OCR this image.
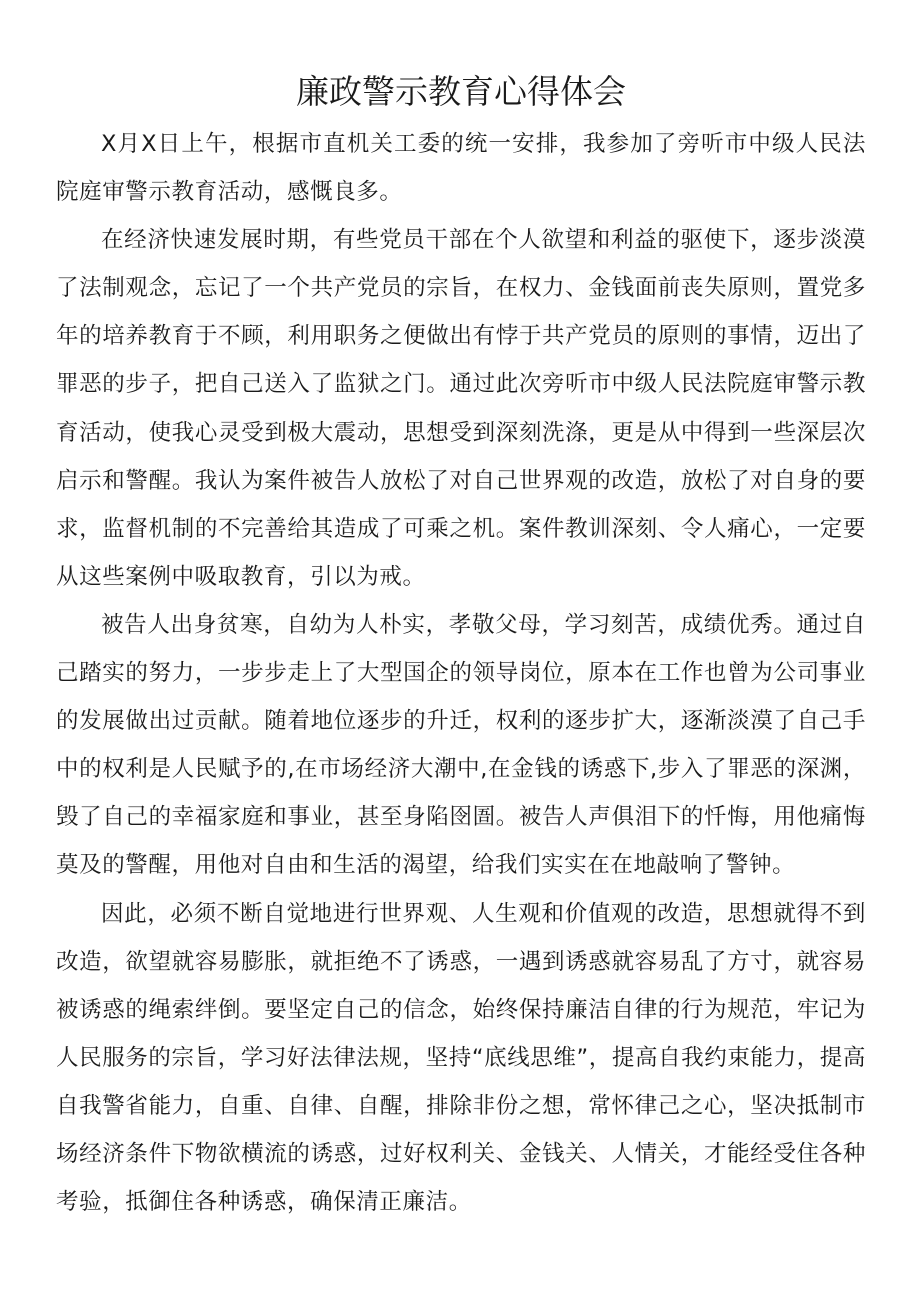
廉政警示教育心得体会

X月X日上午，根据市直机关工委的统一安排，我参加了旁听市中级人民法院庭审警示教育活动，感慨良多。

在经济快速发展时期，有些党员干部在个人欲望和利益的驱使下，逐步淡漠了法制观念，忘记了一个共产党员的宗旨，在权力、金钱面前丧失原则，置党多年的培养教育于不顾，利用职务之便做出有悖于共产党员的原则的事情，迈出了罪恶的步子，把自己送入了监狱之门。通过此次旁听市中级人民法院庭审警示教育活动，使我心灵受到极大震动，思想受到深刻洗涤，更是从中得到一些深层次启示和警醒。我认为案件被告人放松了对自己世界观的改造，放松了对自身的要求，监督机制的不完善给其造成了可乘之机。案件教训深刻、令人痛心，一定要从这些案例中吸取教育，引以为戒。

被告人出身贫寒，自幼为人朴实，孝敬父母，学习刻苦，成绩优秀。通过自己踏实的努力，一步步走上了大型国企的领导岗位，原本在工作也曾为公司事业的发展做出过贡献。随着地位逐步的升迁，权利的逐步扩大，逐渐淡漠了自己手中的权利是人民赋予的,在市场经济大潮中,在金钱的诱惑下,步入了罪恶的深渊，毁了自己的幸福家庭和事业，甚至身陷囹圄。被告人声俱泪下的忏悔，用他痛悔莫及的警醒，用他对自由和生活的渴望，给我们实实在在地敲响了警钟。

因此，必须不断自觉地进行世界观、人生观和价值观的改造，思想就得不到改造，欲望就容易膨胀，就拒绝不了诱惑，一遇到诱惑就容易乱了方寸，就容易被诱惑的绳索绊倒。要坚定自己的信念，始终保持廉洁自律的行为规范，牢记为人民服务的宗旨，学习好法律法规，坚持“底线思维”，提高自我约束能力，提高自我警省能力，自重、自律、自醒，排除非份之想，常怀律己之心，坚决抵制市场经济条件下物欲横流的诱惑，过好权利关、金钱关、人情关，才能经受住各种考验，抵御住各种诱惑，确保清正廉洁。
